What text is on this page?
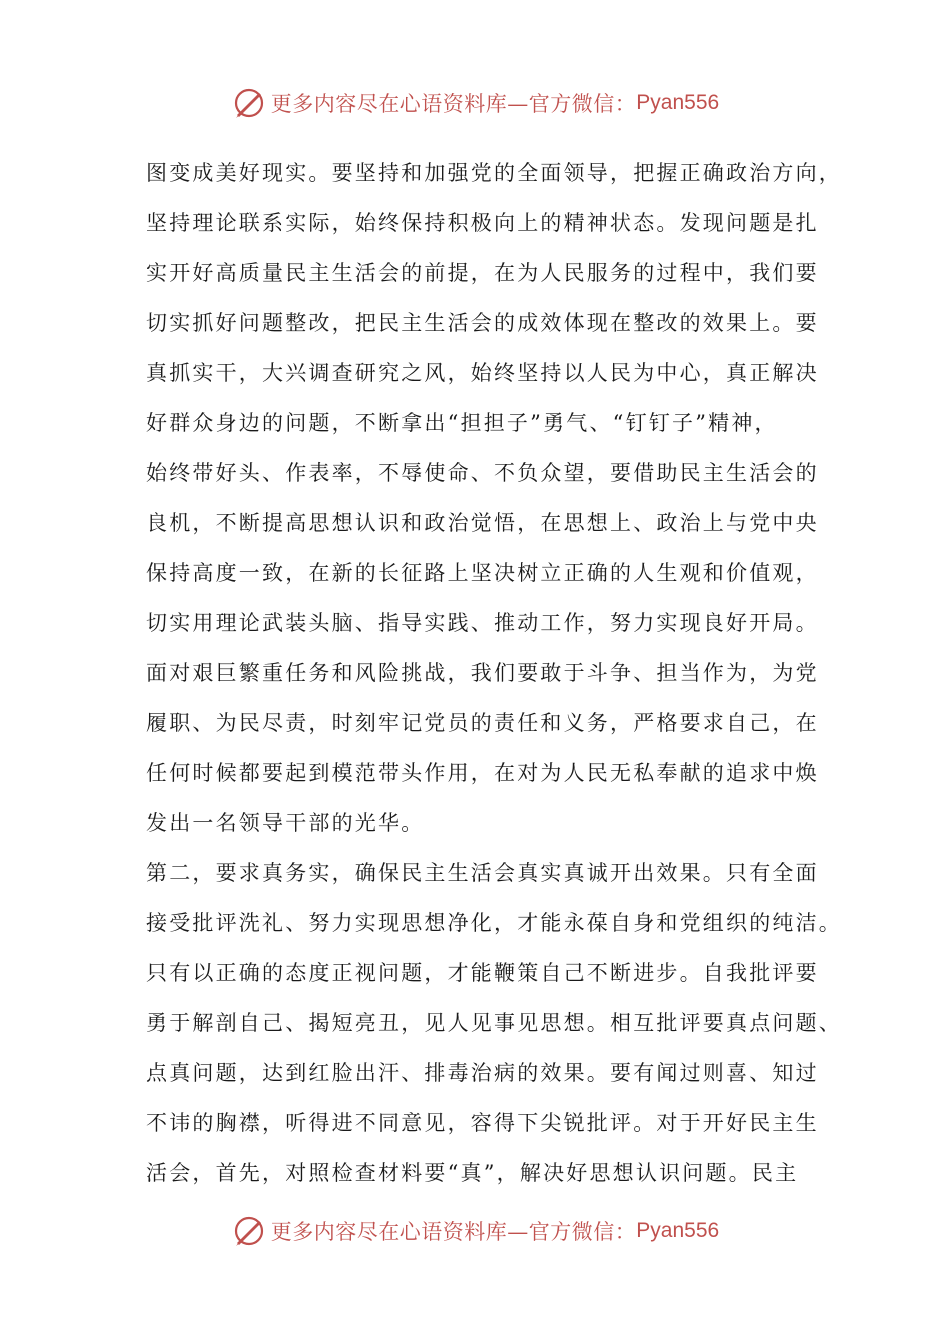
更多内容尽在心语资料库—官方微信： Pyan556
图变成美好现实。要坚持和加强党的全面领导，把握正确政治方向，
坚持理论联系实际，始终保持积极向上的精神状态。发现问题是扎
实开好高质量民主生活会的前提，在为人民服务的过程中，我们要
切实抓好问题整改，把民主生活会的成效体现在整改的效果上。要
真抓实干，大兴调查研究之风，始终坚持以人民为中心，真正解决
好群众身边的问题，不断拿出“担担子”勇气、“钉钉子”精神，
始终带好头、作表率，不辱使命、不负众望，要借助民主生活会的
良机，不断提高思想认识和政治觉悟，在思想上、政治上与党中央
保持高度一致，在新的长征路上坚决树立正确的人生观和价值观，
切实用理论武装头脑、指导实践、推动工作，努力实现良好开局。
面对艰巨繁重任务和风险挑战，我们要敢于斗争、担当作为，为党
履职、为民尽责，时刻牢记党员的责任和义务，严格要求自己，在
任何时候都要起到模范带头作用，在对为人民无私奉献的追求中焕
发出一名领导干部的光华。
第二，要求真务实，确保民主生活会真实真诚开出效果。只有全面
接受批评洗礼、努力实现思想净化，才能永葆自身和党组织的纯洁。
只有以正确的态度正视问题，才能鞭策自己不断进步。自我批评要
勇于解剖自己、揭短亮丑，见人见事见思想。相互批评要真点问题、
点真问题，达到红脸出汗、排毒治病的效果。要有闻过则喜、知过
不讳的胸襟，听得进不同意见，容得下尖锐批评。对于开好民主生
活会，首先，对照检查材料要“真”，解决好思想认识问题。民主
更多内容尽在心语资料库—官方微信： Pyan556
